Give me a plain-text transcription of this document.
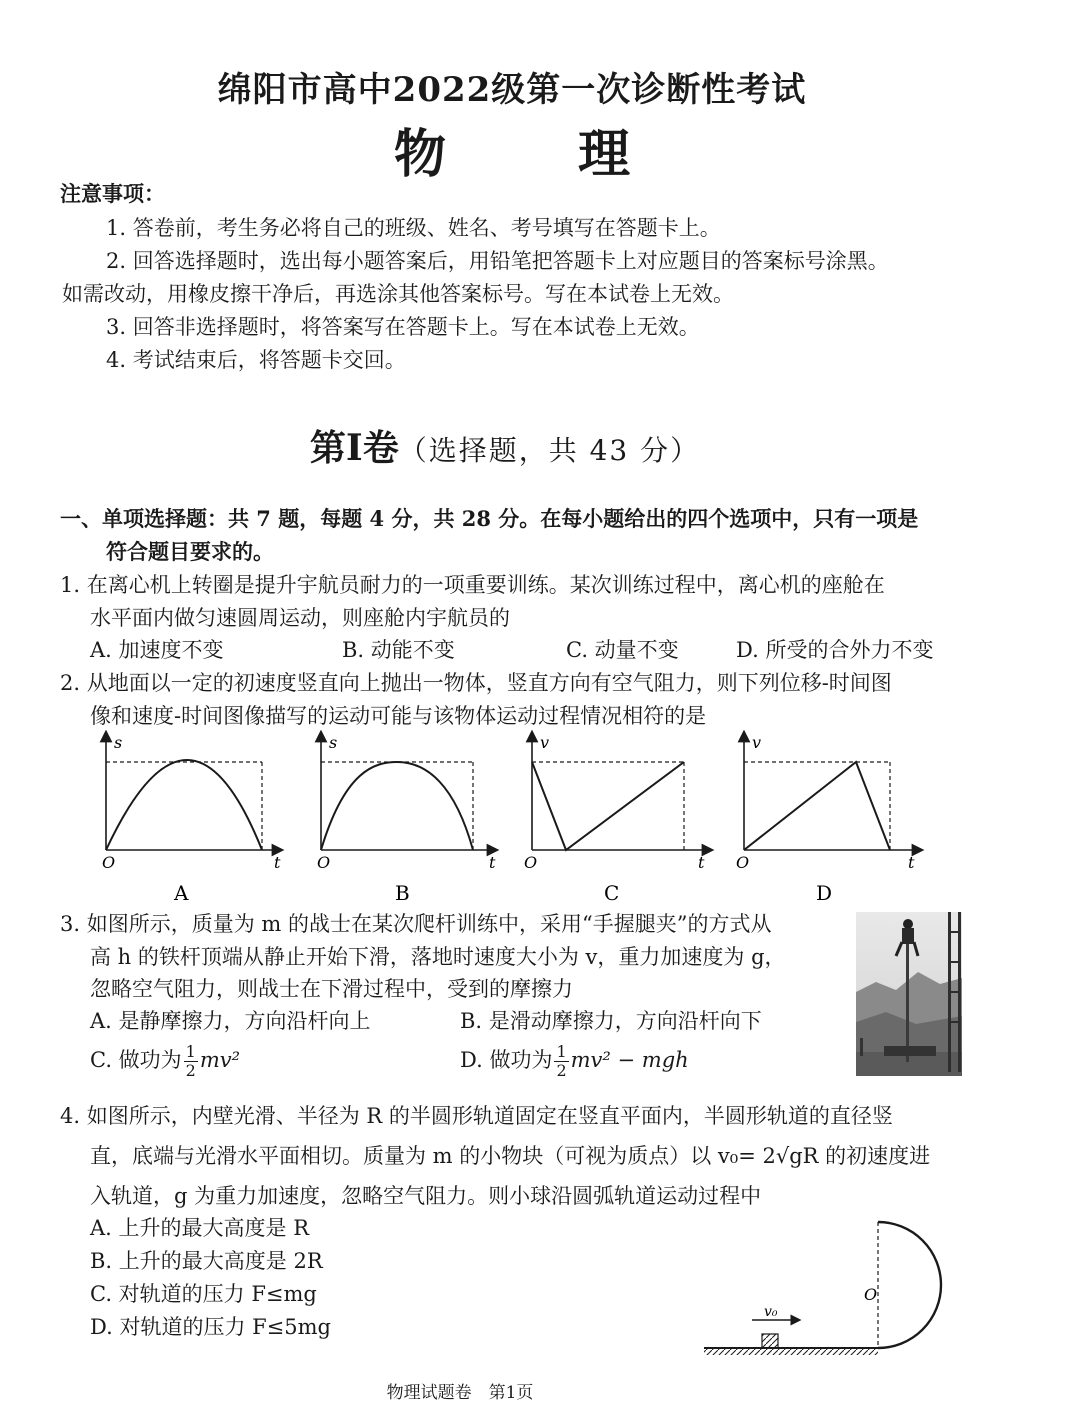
绵阳市高中2022级第一次诊断性考试
物　理
注意事项：
1. 答卷前，考生务必将自己的班级、姓名、考号填写在答题卡上。
2. 回答选择题时，选出每小题答案后，用铅笔把答题卡上对应题目的答案标号涂黑。
如需改动，用橡皮擦干净后，再选涂其他答案标号。写在本试卷上无效。
3. 回答非选择题时，将答案写在答题卡上。写在本试卷上无效。
4. 考试结束后，将答题卡交回。
第Ⅰ卷（选择题，共 43 分）
一、单项选择题：共 7 题，每题 4 分，共 28 分。在每小题给出的四个选项中，只有一项是
符合题目要求的。
1. 在离心机上转圈是提升宇航员耐力的一项重要训练。某次训练过程中，离心机的座舱在
水平面内做匀速圆周运动，则座舱内宇航员的
A. 加速度不变	B. 动能不变	C. 动量不变	D. 所受的合外力不变
2. 从地面以一定的初速度竖直向上抛出一物体，竖直方向有空气阻力，则下列位移-时间图
像和速度-时间图像描写的运动可能与该物体运动过程情况相符的是
s
O	t
A
s
O	t
B
v
O	t
C
v
O	t
D
3. 如图所示，质量为 m 的战士在某次爬杆训练中，采用“手握腿夹”的方式从
高 h 的铁杆顶端从静止开始下滑，落地时速度大小为 v，重力加速度为 g，
忽略空气阻力，则战士在下滑过程中，受到的摩擦力
A. 是静摩擦力，方向沿杆向上	B. 是滑动摩擦力，方向沿杆向下
C. 做功为 $\frac{1}{2} mv^2$	D. 做功为 $\frac{1}{2} mv^2$ − mgh
4. 如图所示，内壁光滑、半径为 R 的半圆形轨道固定在竖直平面内，半圆形轨道的直径竖
直，底端与光滑水平面相切。质量为 m 的小物块（可视为质点）以 v₀= 2√gR 的初速度进
入轨道，g 为重力加速度，忽略空气阻力。则小球沿圆弧轨道运动过程中
A. 上升的最大高度是 R
B. 上升的最大高度是 2R
C. 对轨道的压力 F≤mg
D. 对轨道的压力 F≤5mg
v₀
O
物理试题卷　第1页
